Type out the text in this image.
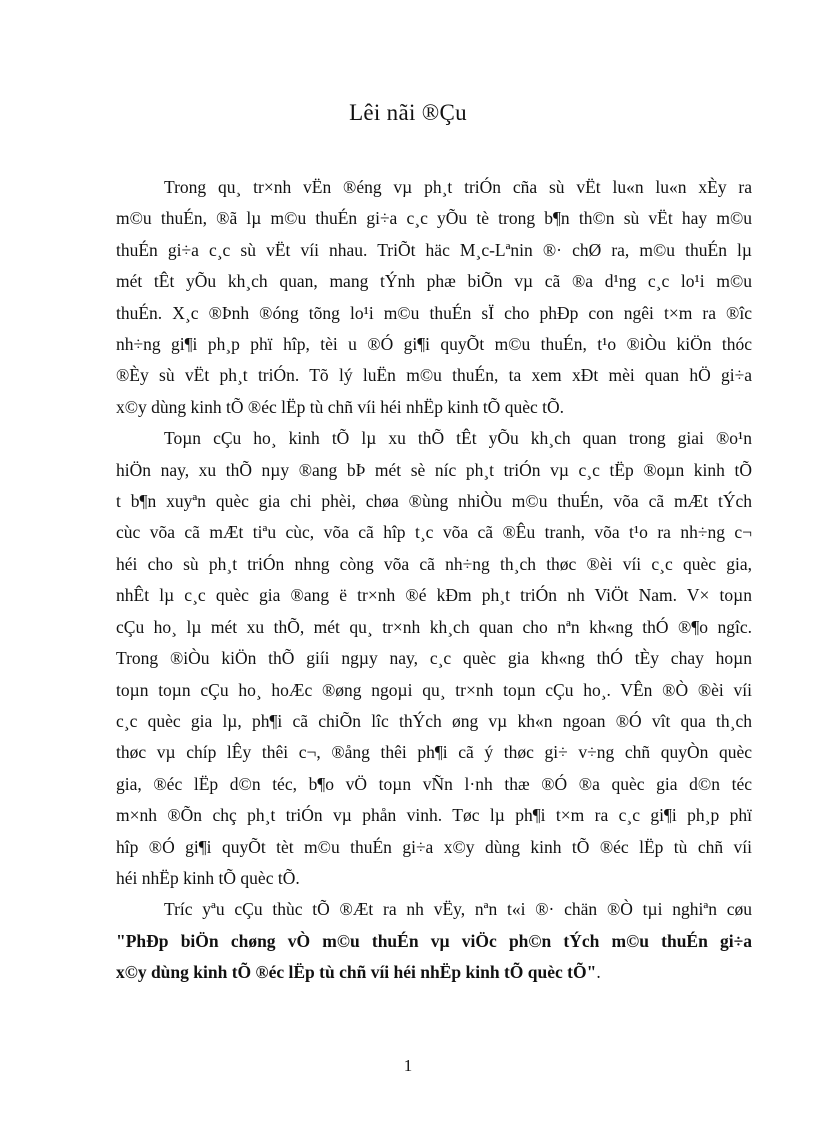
Lêi nãi ®Çu
Trong qu¸ tr×nh vËn ®éng vµ ph¸t triÓn cña sù vËt lu«n lu«n xÈy ra
m©u thuÉn, ®ã lµ m©u thuÉn gi÷a c¸c yÕu tè trong b¶n th©n sù vËt hay m©u
thuÉn gi÷a c¸c sù vËt víi nhau. TriÕt häc M¸c-Lªnin ®· chØ ra, m©u thuÉn lµ
mét tÊt yÕu kh¸ch quan, mang tÝnh phæ biÕn vµ cã ®a d¹ng c¸c lo¹i m©u
thuÉn. X¸c ®Þnh ®óng tõng lo¹i m©u thuÉn sÏ cho phÐp con ngêi t×m ra ®îc
nh÷ng gi¶i ph¸p phï hîp, tèi u ®Ó gi¶i quyÕt m©u thuÉn, t¹o ®iÒu kiÖn thóc
®Èy sù vËt ph¸t triÓn. Tõ lý luËn m©u thuÉn, ta xem xÐt mèi quan hÖ gi÷a
x©y dùng kinh tÕ ®éc lËp tù chñ víi héi nhËp kinh tÕ quèc tÕ.
Toµn cÇu ho¸ kinh tÕ lµ xu thÕ tÊt yÕu kh¸ch quan trong giai ®o¹n
hiÖn nay, xu thÕ nµy ®ang bÞ mét sè níc ph¸t triÓn vµ c¸c tËp ®oµn kinh tÕ
t b¶n xuyªn quèc gia chi phèi, chøa ®ùng nhiÒu m©u thuÉn, võa cã mÆt tÝch
cùc võa cã mÆt tiªu cùc, võa cã hîp t¸c võa cã ®Êu tranh, võa t¹o ra nh÷ng c¬
héi cho sù ph¸t triÓn nhng còng võa cã nh÷ng th¸ch thøc ®èi víi c¸c quèc gia,
nhÊt lµ c¸c quèc gia ®ang ë tr×nh ®é kÐm ph¸t triÓn nh ViÖt Nam. V× toµn
cÇu ho¸ lµ mét xu thÕ, mét qu¸ tr×nh kh¸ch quan cho nªn kh«ng thÓ ®¶o ngîc.
Trong ®iÒu kiÖn thÕ giíi ngµy nay, c¸c quèc gia kh«ng thÓ tÈy chay hoµn
toµn toµn cÇu ho¸ hoÆc ®øng ngoµi qu¸ tr×nh toµn cÇu ho¸. VÊn ®Ò ®èi víi
c¸c quèc gia lµ, ph¶i cã chiÕn lîc thÝch øng vµ kh«n ngoan ®Ó vît qua th¸ch
thøc vµ chíp lÊy thêi c¬, ®ång thêi ph¶i cã ý thøc gi÷ v÷ng chñ quyÒn quèc
gia, ®éc lËp d©n téc, b¶o vÖ toµn vÑn l·nh thæ ®Ó ®a quèc gia d©n téc
m×nh ®Õn chç ph¸t triÓn vµ phån vinh. Tøc lµ ph¶i t×m ra c¸c gi¶i ph¸p phï
hîp ®Ó gi¶i quyÕt tèt m©u thuÉn gi÷a x©y dùng kinh tÕ ®éc lËp tù chñ víi
héi nhËp kinh tÕ quèc tÕ.
Tríc yªu cÇu thùc tÕ ®Æt ra nh vËy, nªn t«i ®· chän ®Ò tµi nghiªn cøu
"PhÐp biÖn chøng vÒ m©u thuÉn vµ viÖc ph©n tÝch m©u thuÉn gi÷a
x©y dùng kinh tÕ ®éc lËp tù chñ víi héi nhËp kinh tÕ quèc tÕ".
1
